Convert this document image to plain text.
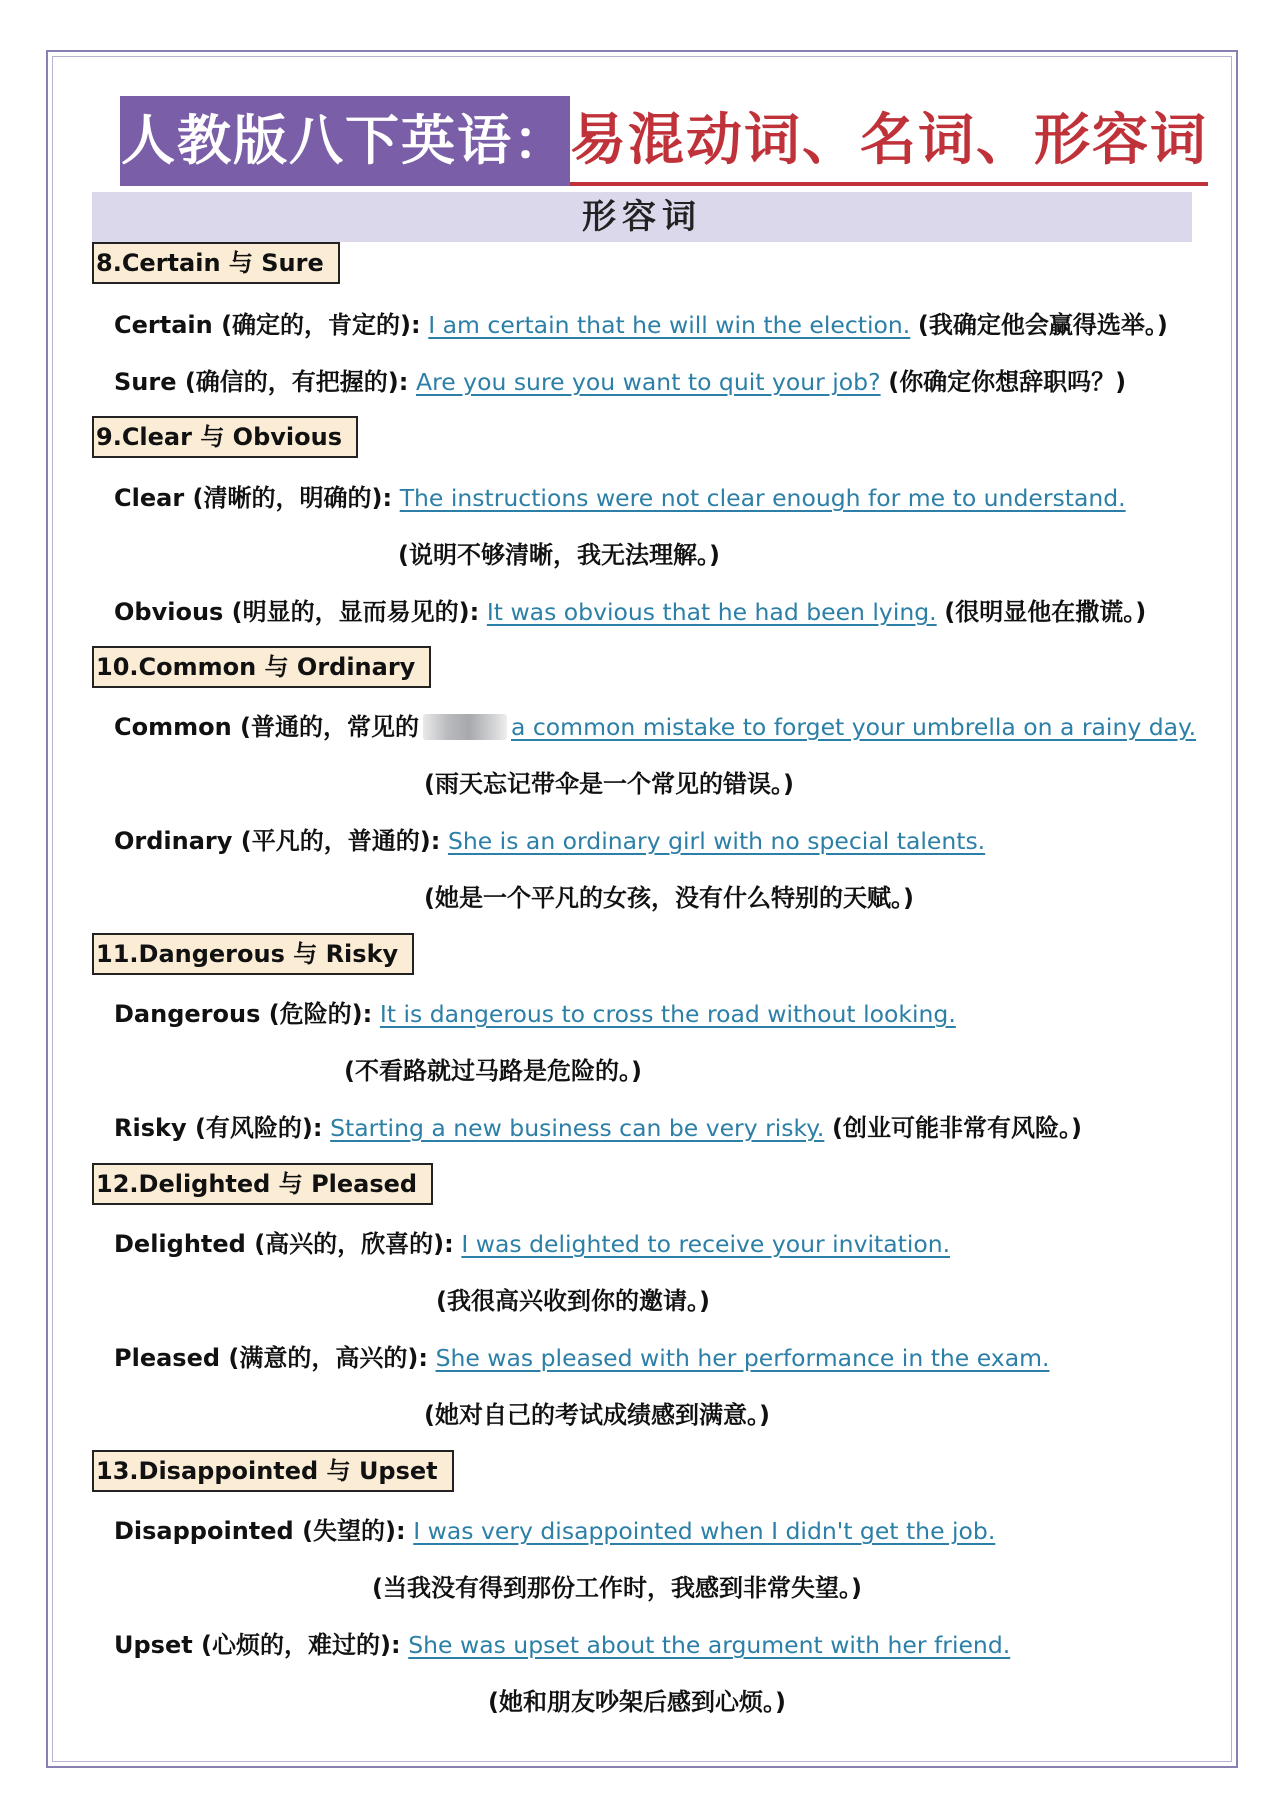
人教版八下英语： 易混动词、名词、形容词
形容词
8.Certain 与 Sure
Certain (确定的，肯定的): I am certain that he will win the election. (我确定他会赢得选举。)
Sure (确信的，有把握的): Are you sure you want to quit your job? (你确定你想辞职吗？)
9.Clear 与 Obvious
Clear (清晰的，明确的): The instructions were not clear enough for me to understand.
(说明不够清晰，我无法理解。)
Obvious (明显的，显而易见的): It was obvious that he had been lying. (很明显他在撒谎。)
10.Common 与 Ordinary
Common (普通的，常见的	a common mistake to forget your umbrella on a rainy day.
(雨天忘记带伞是一个常见的错误。)
Ordinary (平凡的，普通的): She is an ordinary girl with no special talents.
(她是一个平凡的女孩，没有什么特别的天赋。)
11.Dangerous 与 Risky
Dangerous (危险的): It is dangerous to cross the road without looking.
(不看路就过马路是危险的。)
Risky (有风险的): Starting a new business can be very risky. (创业可能非常有风险。)
12.Delighted 与 Pleased
Delighted (高兴的，欣喜的): I was delighted to receive your invitation.
(我很高兴收到你的邀请。)
Pleased (满意的，高兴的): She was pleased with her performance in the exam.
(她对自己的考试成绩感到满意。)
13.Disappointed 与 Upset
Disappointed (失望的): I was very disappointed when I didn't get the job.
(当我没有得到那份工作时，我感到非常失望。)
Upset (心烦的，难过的): She was upset about the argument with her friend.
(她和朋友吵架后感到心烦。)
